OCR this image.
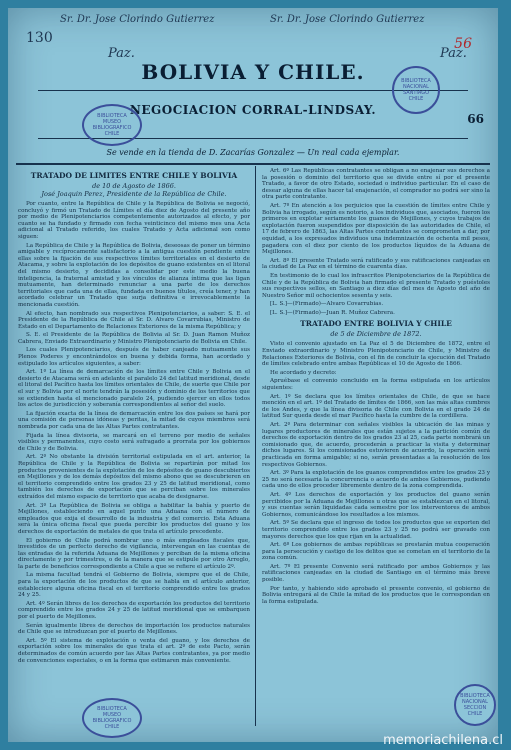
Sr. Dr. Jose Clorindo Gutierrez	Sr. Dr. Jose Clorindo Gutierrez
130
Paz.	Paz.
56
BOLIVIA Y CHILE.
NEGOCIACION CORRAL-LINDSAY.
66
Se vende en la tienda de D. Zacarías Gonzalez — Un real cada ejemplar.
BIBLIOTECA
MUSEO BIBLIOGRAFICO
CHILE
BIBLIOTECA NACIONAL
SANTIAGO
CHILE
TRATADO DE LIMITES ENTRE CHILE Y BOLIVIA
de 10 de Agosto de 1866.
José Joaquin Perez, Presidente de la República de Chile.

Por cuanto, entre la República de Chile y la República de Bolivia se negoció, concluyó y firmó un Tratado de Límites el día diez de Agosto del presente año por medio de Plenipotenciarios competentemente autorizados al efecto, y por cuanto se ha fundado y firmado con fecha veinticinco del mismo mes una Acta adicional al Tratado referido, los cuales Tratado y Acta adicional son como siguen:

La República de Chile y la República de Bolivia, deseosas de poner un término amigable y recíprocamente satisfactorio a la antigua cuestión pendiente entre ellas sobre la fijación de sus respectivos límites territoriales en el desierto de Atacama, y sobre la explotación de los depósitos de guano existentes en el litoral del mismo desierto, y decididas a consolidar por este medio la buena inteligencia, la fraternal amistad y los vínculos de alianza íntima que las ligan mutuamente, han determinado renunciar a una parte de los derechos territoriales que cada una de ellas, fundada en buenos títulos, creía tener, y han acordado celebrar un Tratado que surja definitiva e irrevocablemente la mencionada cuestión.

Al efecto, han nombrado sus respectivos Plenipotenciarios, a saber: S. E. el Presidente de la República de Chile al Sr. D. Alvaro Covarrubias, Ministro de Estado en el Departamento de Relaciones Exteriores de la misma República; y

S. E. el Presidente de la República de Bolivia al Sr. D. Juan Ramon Muñoz Cabrera, Enviado Extraordinario y Ministro Plenipotenciario de Bolivia en Chile.

Los cuales Plenipotenciarios, después de haber canjeado mutuamente sus Plenos Poderes y encontrándolos en buena y debida forma, han acordado y estipulado los artículos siguientes, a saber:

Art. 1º La línea de demarcación de los límites entre Chile y Bolivia en el desierto de Atacama será en adelante el paralelo 24 del latitud meridional, desde el litoral del Pacífico hasta los límites orientales de Chile, de suerte que Chile por el sur y Bolivia por el norte tendrán la posesión y dominio de los territorios que se extienden hasta el mencionado paralelo 24, pudiendo ejercer en ellos todos los actos de jurisdicción y soberanía correspondientes al señor del suelo.

La fijación exacta de la línea de demarcación entre los dos países se hará por una comisión de personas idóneas y peritas, la mitad de cuyos miembros será nombrada por cada una de las Altas Partes contratantes.

Fijada la línea divisoria, se marcará en el terreno por medio de señales visibles y permanentes, cuyo costo será sufragado a prorrata por los gobiernos de Chile y de Bolivia.

Art. 2º No obstante la división territorial estipulada en el art. anterior, la República de Chile y la República de Bolivia se repartirán por mitad los productos provenientes de la explotación de los depósitos de guano descubiertos en Mejillones y de los demás depósitos del mismo abono que se descubrieren en el territorio comprendido entre los grados 23 y 25 de latitud meridional, como también los derechos de exportación que se perciban sobre los minerales extraídos del mismo espacio de territorio que acaba de designarse.

Art. 3º La República de Bolivia se obliga a habilitar la bahía y puerto de Mejillones, estableciendo en aquel punto una Aduana con el número de empleados que exija el desarrollo de la industria y del comercio. Esta Aduana será la única oficina fiscal que pueda percibir los productos del guano y los derechos de exportación de metales de que trata el artículo precedente.

El gobierno de Chile podrá nombrar uno o más empleados fiscales que, investidos de un perfecto derecho de vigilancia, intervengan en las cuentas de las entradas de la referida Aduana de Mejillones y perciban de la misma oficina directamente y por trimestres, o de la manera que se estipule por otro Arreglo, la parte de beneficios correspondiente a Chile a que se refiere el artículo 2º.

La misma facultad tendrá el Gobierno de Bolivia, siempre que el de Chile, para la exportación de los productos de que se habla en el artículo anterior, estableciere alguna oficina fiscal en el territorio comprendido entre los grados 24 y 25.

Art. 4º Serán libres de los derechos de exportación los productos del territorio comprendido entre los grados 24 y 25 de latitud meridional que se embarquen por el puerto de Mejillones.

Serán igualmente libres de derechos de importación los productos naturales de Chile que se introduzcan por el puerto de Mejillones.

Art. 5º El sistema de explotación o venta del guano, y los derechos de exportación sobre los minerales de que trata el art. 2º de este Pacto, serán determinados de común acuerdo por las Altas Partes contratantes, ya por medio de convenciones especiales, o en la forma que estimaren más conveniente.

Art. 6º Las Repúblicas contratantes se obligan a no enajenar sus derechos a la posesión o dominio del territorio que se divide entre sí por el presente Tratado, a favor de otro Estado, sociedad o individuo particular. En el caso de desear alguna de ellas hacer tal enajenación, el comprador no podrá ser sino la otra parte contratante.

Art. 7º En atención a los perjuicios que la cuestión de límites entre Chile y Bolivia ha irrogado, según es notorio, a los individuos que, asociados, fueron los primeros en explotar seriamente los guanos de Mejillones, y cuyos trabajos de explotación fueron suspendidos por disposición de las autoridades de Chile, el 17 de febrero de 1863, las Altas Partes contratantes se comprometen a dar, por equidad, a los expresados individuos una indemnización de ochenta mil pesos, pagadera con el diez por ciento de los productos líquidos de la Aduana de Mejillones.

Art. 8º El presente Tratado será ratificado y sus ratificaciones canjeadas en la ciudad de La Paz en el término de cuarenta días.

En testimonio de lo cual los infrascritos Plenipotenciarios de la República de Chile y de la República de Bolivia han firmado el presente Tratado y puéstoles sus respectivos sellos, en Santiago a diez días del mes de Agosto del año de Nuestro Señor mil ochocientos sesenta y seis.

[L. S.]—(Firmado)—Alvaro Covarrubias.

[L. S.]—(Firmado)—Juan R. Muñoz Cabrera.

TRATADO ENTRE BOLIVIA Y CHILE
de 5 de Diciembre de 1872.

Visto el convenio ajustado en La Paz el 5 de Diciembre de 1872, entre el Enviado extraordinario y Ministro Plenipotenciario de Chile, y Ministro de Relaciones Exteriores de Bolivia, con el fin de concluir la ejecución del Tratado de límites celebrado entre ambas Repúblicas el 10 de Agosto de 1866.

He acordado y decreto:

Apruébase el convenio concluido en la forma estipulada en los artículos siguientes:

Art. 1º Se declara que los límites orientales de Chile, de que se hace mención en el art. 1º del Tratado de límites de 1866, son las más altas cumbres de los Andes, y que la línea divisoria de Chile con Bolivia en el grado 24 de latitud Sur queda desde el mar Pacífico hasta la cumbre de la cordillera.

Art. 2º Para determinar con señales visibles la ubicación de las minas y lugares productores de minerales que están sujetos a la partición común de derechos de exportación dentro de los grados 23 al 25, cada parte nombrará un comisionado que, de acuerdo, procederán a practicar la visita y determinar dichos lugares. Si los comisionados estuvieren de acuerdo, la operación será practicada en forma amigable; si no, serán presentadas a la resolución de los respectivos Gobiernos.

Art. 3º Para la explotación de los guanos comprendidos entre los grados 23 y 25 no será necesaria la concurrencia o acuerdo de ambos Gobiernos, pudiendo cada uno de ellos proceder libremente dentro de la zona comprendida.

Art. 4º Los derechos de exportación y los productos del guano serán percibidos por la Aduana de Mejillones u otras que se establezcan en el litoral, y sus cuentas serán liquidadas cada semestre por los interventores de ambos Gobiernos, comunicándose los resultados a los mismos.

Art. 5º Se declara que el ingreso de todos los productos que se exporten del territorio comprendido entre los grados 23 y 25 no podrá ser gravado con mayores derechos que los que rijan en la actualidad.

Art. 6º Los gobiernos de ambas repúblicas se prestarán mutua cooperación para la persecución y castigo de los delitos que se cometan en el territorio de la zona común.

Art. 7º El presente Convenio será ratificado por ambos Gobiernos y las ratificaciones canjeadas en la ciudad de Santiago en el término más breve posible.

Por tanto, y habiendo sido aprobado el presente convenio, el gobierno de Bolivia entregará al de Chile la mitad de los productos que le correspondan en la forma estipulada.

BIBLIOTECA
MUSEO BIBLIOGRAFICO
CHILE
BIBLIOTECA NACIONAL
SECCION
CHILE
memoriachilena.cl
